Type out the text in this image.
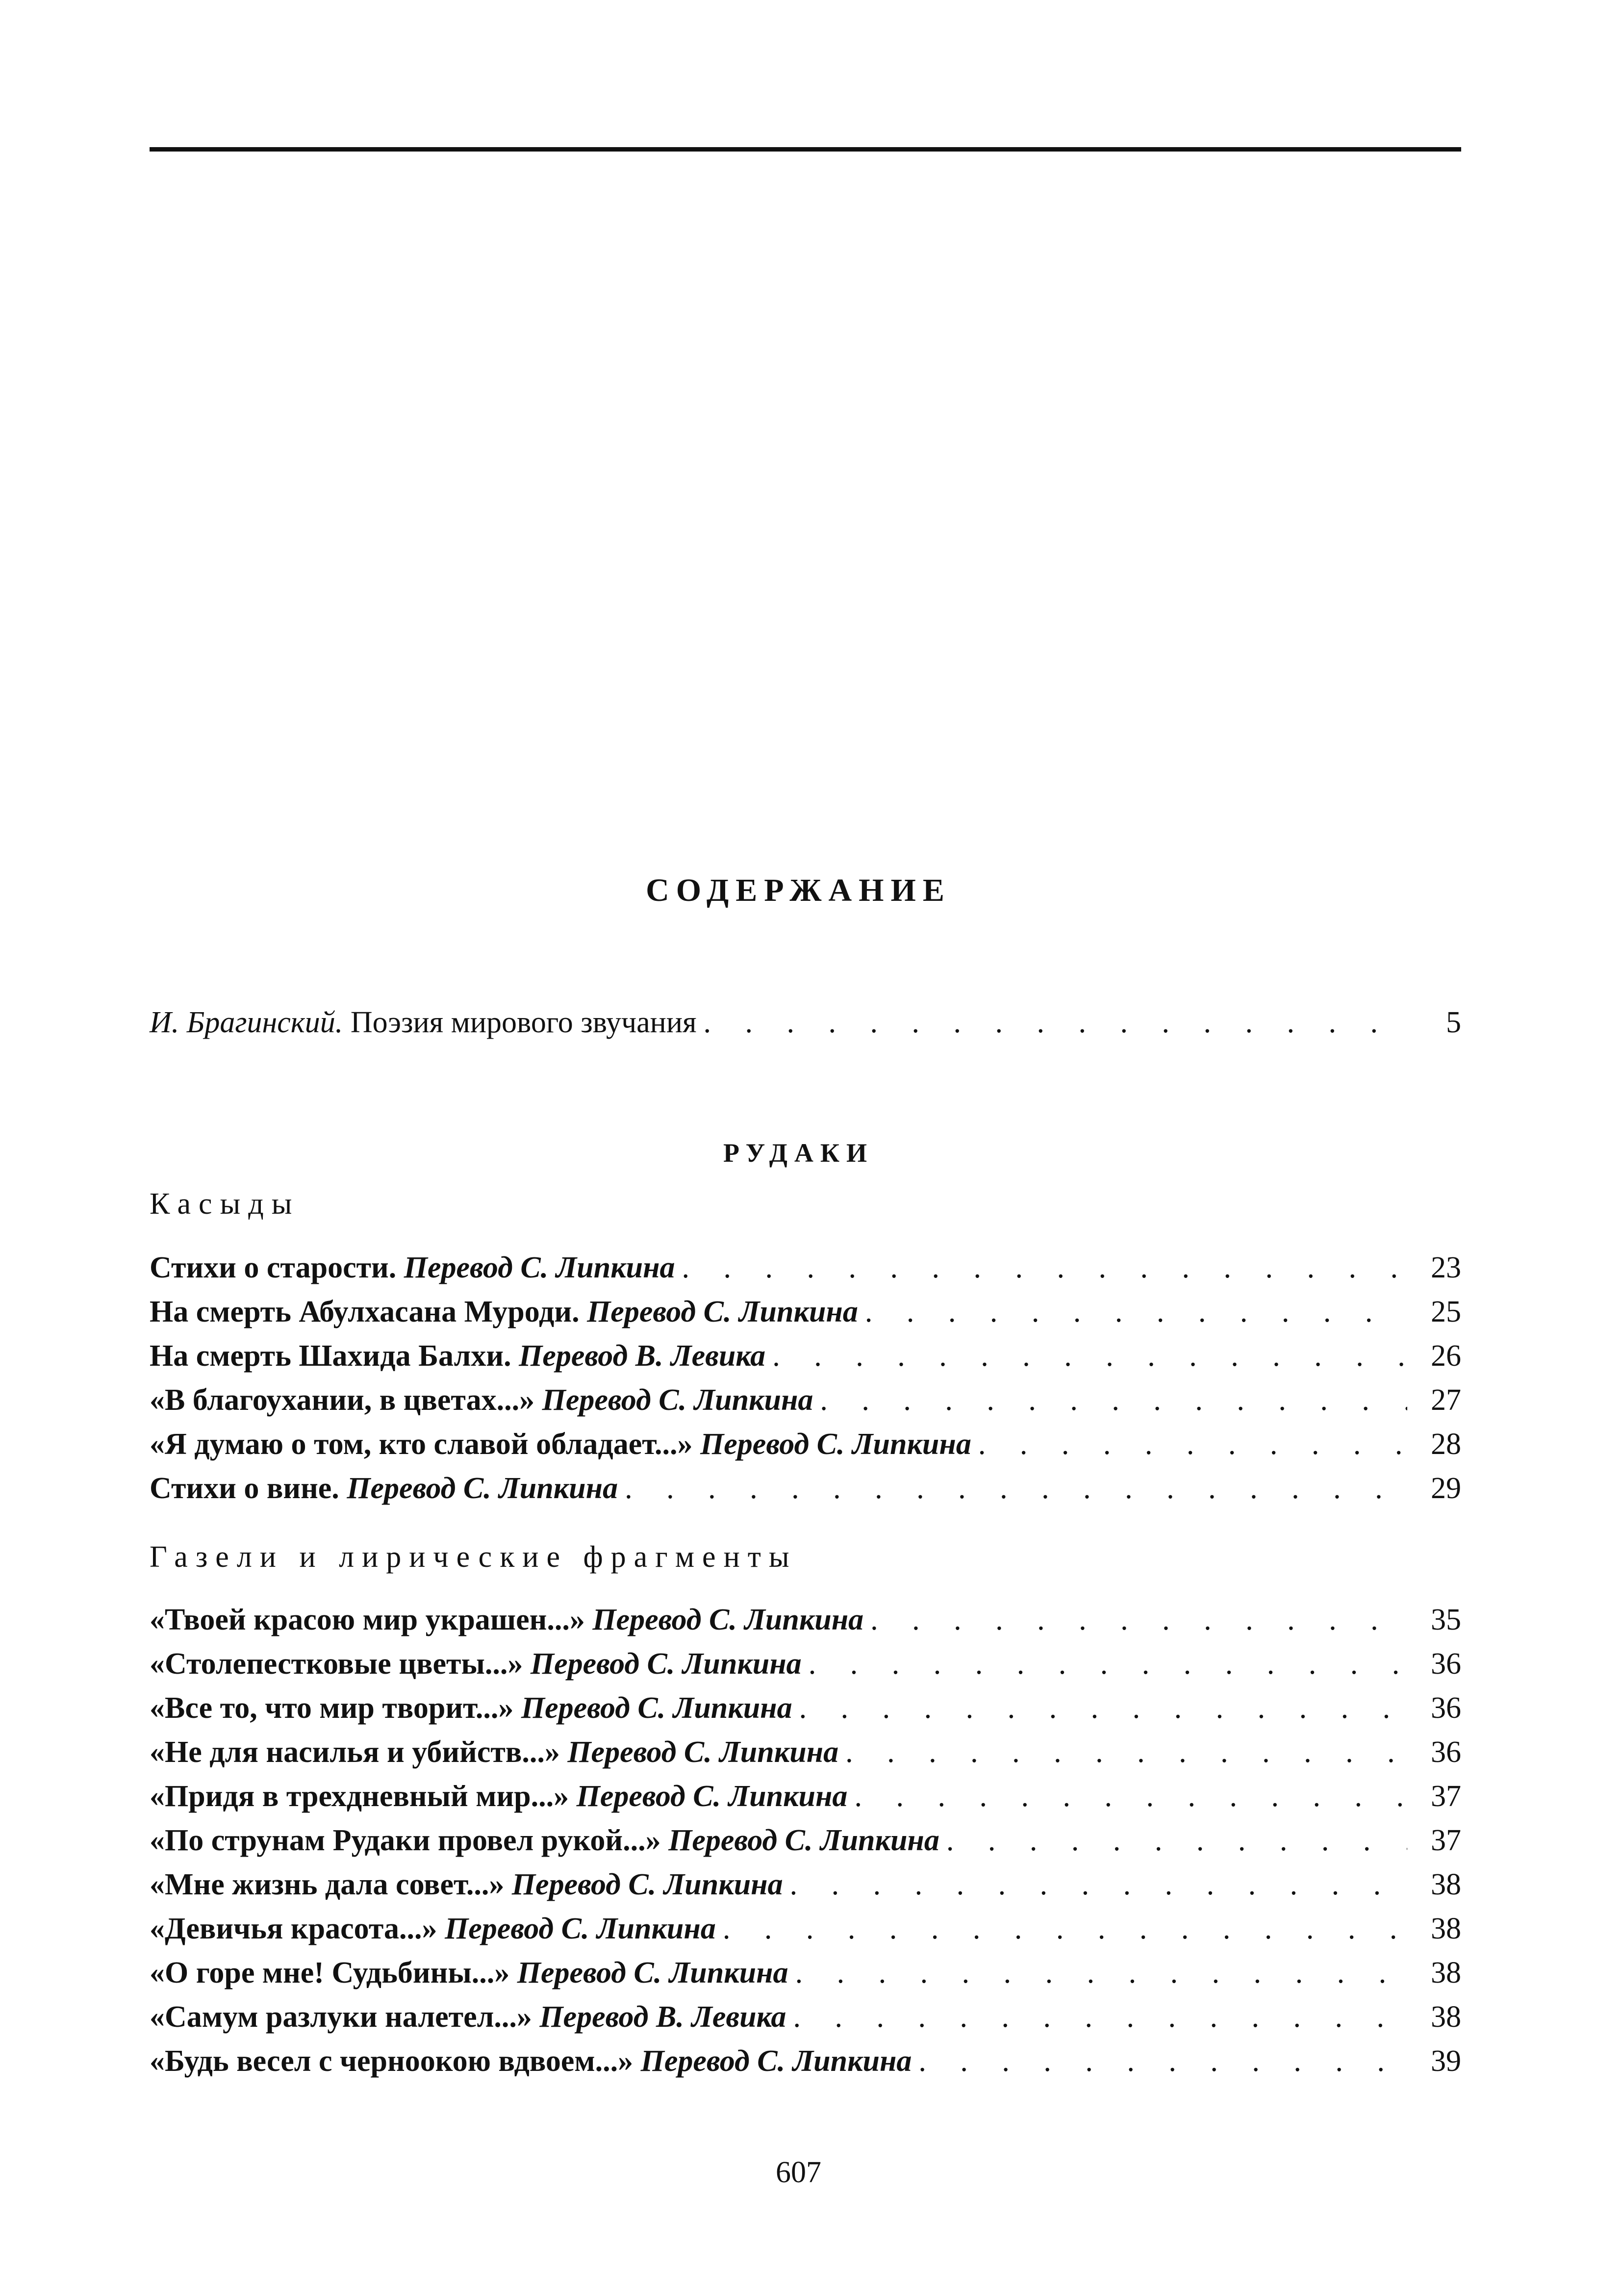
СОДЕРЖАНИЕ
И. Брагинский. Поэзия мирового звучания . . .	5
РУДАКИ
Касыды
Стихи о старости. Перевод С. Липкина . . .	23
На смерть Абулхасана Муроди. Перевод С. Липкина . . .	25
На смерть Шахида Балхи. Перевод В. Левика . . .	26
«В благоухании, в цветах...» Перевод С. Липкина . . .	27
«Я думаю о том, кто славой обладает...» Перевод С. Липкина . . .	28
Стихи о вине. Перевод С. Липкина . . .	29
Газели и лирические фрагменты
«Твоей красою мир украшен...» Перевод С. Липкина . . .	35
«Столепестковые цветы...» Перевод С. Липкина . . .	36
«Все то, что мир творит...» Перевод С. Липкина . . .	36
«Не для насилья и убийств...» Перевод С. Липкина . . .	36
«Придя в трехдневный мир...» Перевод С. Липкина . . .	37
«По струнам Рудаки провел рукой...» Перевод С. Липкина . . .	37
«Мне жизнь дала совет...» Перевод С. Липкина . . .	38
«Девичья красота...» Перевод С. Липкина . . .	38
«О горе мне! Судьбины...» Перевод С. Липкина . . .	38
«Самум разлуки налетел...» Перевод В. Левика . . .	38
«Будь весел с черноокою вдвоем...» Перевод С. Липкина . . .	39
607
